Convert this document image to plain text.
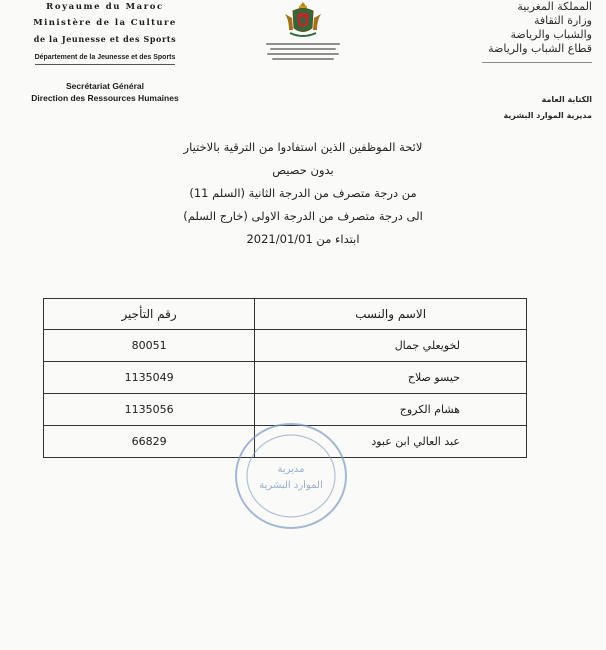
Royaume du Maroc
Ministère de la Culture
de la Jeunesse et des Sports
Département de la Jeunesse et des Sports
Secrétariat Général
Direction des Ressources Humaines
المملكة المغربية
وزارة الثقافة
والشباب والرياضة
قطاع الشباب والرياضة
الكتابة العامة
مديرية الموارد البشرية
لائحة الموظفين الذين استفادوا من الترقية بالاختيار
بدون حصيص
من درجة متصرف من الدرجة الثانية (السلم 11)
الى درجة متصرف من الدرجة الاولى (خارج السلم)
ابتداء من 2021/01/01
رقم التأجير	الاسم والنسب
80051	لخويعلي جمال
1135049	حيسو صلاح
1135056	هشام الكروج
66829	عبد العالي ابن عبود
مديرية
الموارد البشرية
